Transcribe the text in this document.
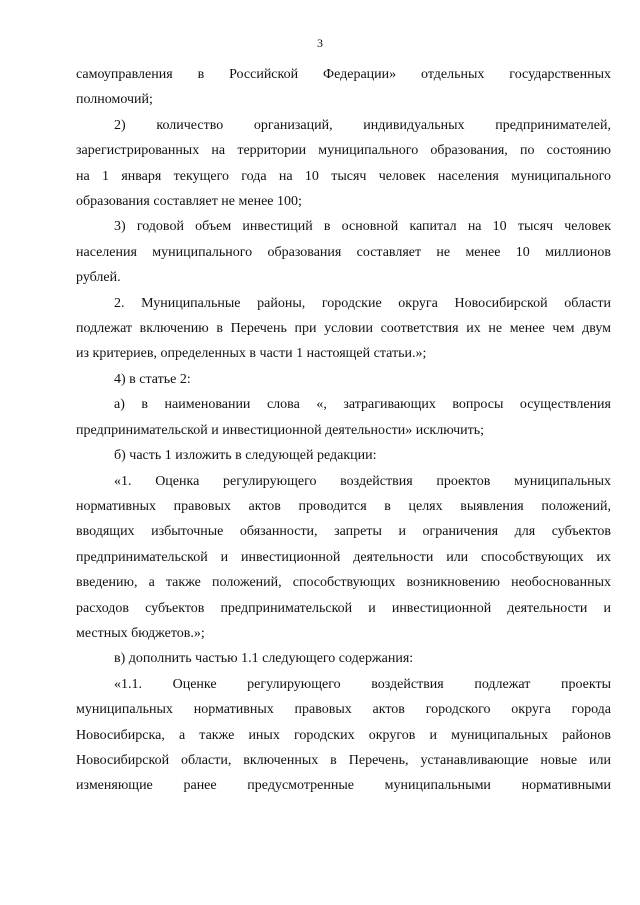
3
самоуправления в Российской Федерации» отдельных государственных
полномочий;
2) количество организаций, индивидуальных предпринимателей,
зарегистрированных на территории муниципального образования, по состоянию
на 1 января текущего года на 10 тысяч человек населения муниципального
образования составляет не менее 100;
3) годовой объем инвестиций в основной капитал на 10 тысяч человек
населения муниципального образования составляет не менее 10 миллионов
рублей.
2. Муниципальные районы, городские округа Новосибирской области
подлежат включению в Перечень при условии соответствия их не менее чем двум
из критериев, определенных в части 1 настоящей статьи.»;
4) в статье 2:
а) в наименовании слова «, затрагивающих вопросы осуществления
предпринимательской и инвестиционной деятельности» исключить;
б) часть 1 изложить в следующей редакции:
«1. Оценка регулирующего воздействия проектов муниципальных
нормативных правовых актов проводится в целях выявления положений,
вводящих избыточные обязанности, запреты и ограничения для субъектов
предпринимательской и инвестиционной деятельности или способствующих их
введению, а также положений, способствующих возникновению необоснованных
расходов субъектов предпринимательской и инвестиционной деятельности и
местных бюджетов.»;
в) дополнить частью 1.1 следующего содержания:
«1.1. Оценке регулирующего воздействия подлежат проекты
муниципальных нормативных правовых актов городского округа города
Новосибирска, а также иных городских округов и муниципальных районов
Новосибирской области, включенных в Перечень, устанавливающие новые или
изменяющие ранее предусмотренные муниципальными нормативными
